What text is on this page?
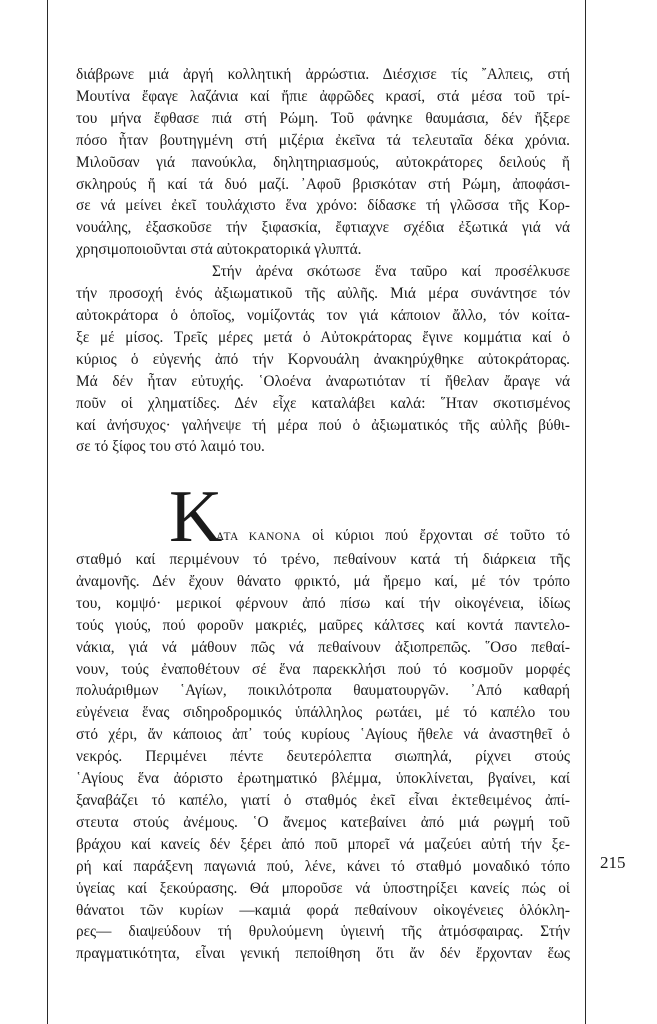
διάβρωνε μιά ἀργή κολλητική ἀρρώστια. Διέσχισε τίς ῎Αλπεις, στή
Μουτίνα ἔφαγε λαζάνια καί ἤπιε ἀφρῶδες κρασί, στά μέσα τοῦ τρί-
του μήνα ἔφθασε πιά στή Ρώμη. Τοῦ φάνηκε θαυμάσια, δέν ἤξερε
πόσο ἦταν βουτηγμένη στή μιζέρια ἐκεῖνα τά τελευταῖα δέκα χρόνια.
Μιλοῦσαν γιά πανούκλα, δηλητηριασμούς, αὐτοκράτορες δειλούς ἤ
σκληρούς ἤ καί τά δυό μαζί. ᾿Αφοῦ βρισκόταν στή Ρώμη, ἀποφάσι-
σε νά μείνει ἐκεῖ τουλάχιστο ἕνα χρόνο: δίδασκε τή γλῶσσα τῆς Κορ-
νουάλης, ἐξασκοῦσε τήν ξιφασκία, ἔφτιαχνε σχέδια ἐξωτικά γιά νά
χρησιμοποιοῦνται στά αὐτοκρατορικά γλυπτά.
Στήν ἀρένα σκότωσε ἕνα ταῦρο καί προσέλκυσε
τήν προσοχή ἑνός ἀξιωματικοῦ τῆς αὐλῆς. Μιά μέρα συνάντησε τόν
αὐτοκράτορα ὁ ὁποῖος, νομίζοντάς τον γιά κάποιον ἄλλο, τόν κοίτα-
ξε μέ μίσος. Τρεῖς μέρες μετά ὁ Αὐτοκράτορας ἔγινε κομμάτια καί ὁ
κύριος ὁ εὐγενής ἀπό τήν Κορνουάλη ἀνακηρύχθηκε αὐτοκράτορας.
Μά δέν ἦταν εὐτυχής. ῾Ολοένα ἀναρωτιόταν τί ἤθελαν ἄραγε νά
ποῦν οἱ χληματίδες. Δέν εἶχε καταλάβει καλά: ῞Ηταν σκοτισμένος
καί ἀνήσυχος· γαλήνεψε τή μέρα πού ὁ ἀξιωματικός τῆς αὐλῆς βύθι-
σε τό ξίφος του στό λαιμό του.
Κ
ΑΤΑ ΚΑΝΟΝΑ οἱ κύριοι πού ἔρχονται σέ τοῦτο τό
σταθμό καί περιμένουν τό τρένο, πεθαίνουν κατά τή διάρκεια τῆς
ἀναμονῆς. Δέν ἔχουν θάνατο φρικτό, μά ἤρεμο καί, μέ τόν τρόπο
του, κομψό· μερικοί φέρνουν ἀπό πίσω καί τήν οἰκογένεια, ἰδίως
τούς γιούς, πού φοροῦν μακριές, μαῦρες κάλτσες καί κοντά παντελο-
νάκια, γιά νά μάθουν πῶς νά πεθαίνουν ἀξιοπρεπῶς. ῞Οσο πεθαί-
νουν, τούς ἐναποθέτουν σέ ἕνα παρεκκλήσι πού τό κοσμοῦν μορφές
πολυάριθμων ῾Αγίων, ποικιλότροπα θαυματουργῶν. ᾿Από καθαρή
εὐγένεια ἕνας σιδηροδρομικός ὑπάλληλος ρωτάει, μέ τό καπέλο του
στό χέρι, ἄν κάποιος ἀπ᾿ τούς κυρίους ῾Αγίους ἤθελε νά ἀναστηθεῖ ὁ
νεκρός. Περιμένει πέντε δευτερόλεπτα σιωπηλά, ρίχνει στούς
῾Αγίους ἕνα ἀόριστο ἐρωτηματικό βλέμμα, ὑποκλίνεται, βγαίνει, καί
ξαναβάζει τό καπέλο, γιατί ὁ σταθμός ἐκεῖ εἶναι ἐκτεθειμένος ἀπί-
στευτα στούς ἀνέμους. ῾Ο ἄνεμος κατεβαίνει ἀπό μιά ρωγμή τοῦ
βράχου καί κανείς δέν ξέρει ἀπό ποῦ μπορεῖ νά μαζεύει αὐτή τήν ξε-
ρή καί παράξενη παγωνιά πού, λένε, κάνει τό σταθμό μοναδικό τόπο
ὑγείας καί ξεκούρασης. Θά μποροῦσε νά ὑποστηρίξει κανείς πώς οἱ
θάνατοι τῶν κυρίων —καμιά φορά πεθαίνουν οἰκογένειες ὁλόκλη-
ρες— διαψεύδουν τή θρυλούμενη ὑγιεινή τῆς ἀτμόσφαιρας. Στήν
πραγματικότητα, εἶναι γενική πεποίθηση ὅτι ἄν δέν ἔρχονταν ἕως
215
